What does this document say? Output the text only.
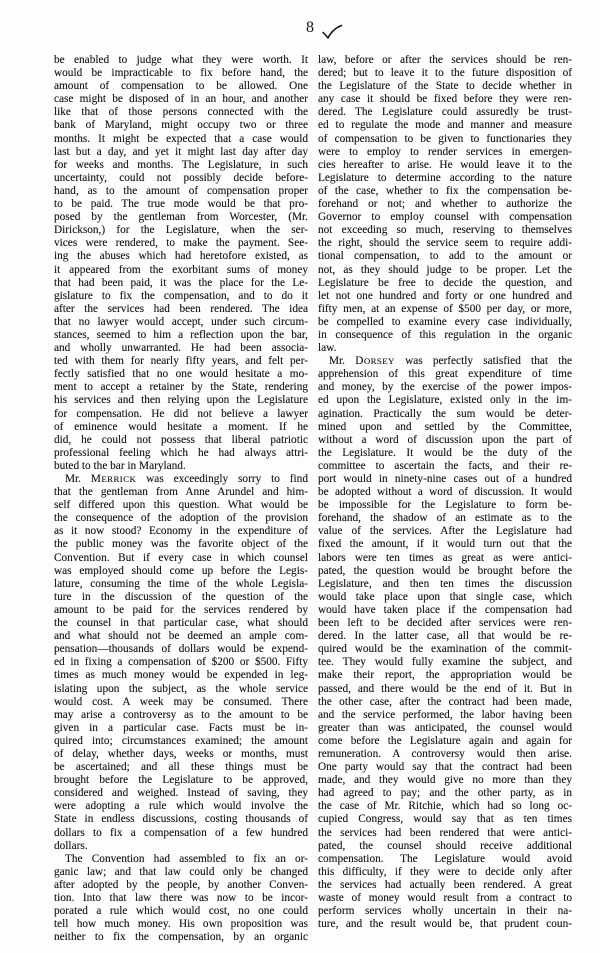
8
be enabled to judge what they were worth. It
would be impracticable to fix before hand, the
amount of compensation to be allowed. One
case might be disposed of in an hour, and another
like that of those persons connected with the
bank of Maryland, might occupy two or three
months. It might be expected that a case would
last but a day, and yet it might last day after day
for weeks and months. The Legislature, in such
uncertainty, could not possibly decide before-
hand, as to the amount of compensation proper
to be paid. The true mode would be that pro-
posed by the gentleman from Worcester, (Mr.
Dirickson,) for the Legislature, when the ser-
vices were rendered, to make the payment. See-
ing the abuses which had heretofore existed, as
it appeared from the exorbitant sums of money
that had been paid, it was the place for the Le-
gislature to fix the compensation, and to do it
after the services had been rendered. The idea
that no lawyer would accept, under such circum-
stances, seemed to him a reflection upon the bar,
and wholly unwarranted. He had been associa-
ted with them for nearly fifty years, and felt per-
fectly satisfied that no one would hesitate a mo-
ment to accept a retainer by the State, rendering
his services and then relying upon the Legislature
for compensation. He did not believe a lawyer
of eminence would hesitate a moment. If he
did, he could not possess that liberal patriotic
professional feeling which he had always attri-
buted to the bar in Maryland.
Mr. MERRICK was exceedingly sorry to find
that the gentleman from Anne Arundel and him-
self differed upon this question. What would be
the consequence of the adoption of the provision
as it now stood? Economy in the expenditure of
the public money was the favorite object of the
Convention. But if every case in which counsel
was employed should come up before the Legis-
lature, consuming the time of the whole Legisla-
ture in the discussion of the question of the
amount to be paid for the services rendered by
the counsel in that particular case, what should
and what should not be deemed an ample com-
pensation—thousands of dollars would be expend-
ed in fixing a compensation of $200 or $500. Fifty
times as much money would be expended in leg-
islating upon the subject, as the whole service
would cost. A week may be consumed. There
may arise a controversy as to the amount to be
given in a particular case. Facts must be in-
quired into; circumstances examined; the amount
of delay, whether days, weeks or months, must
be ascertained; and all these things must be
brought before the Legislature to be approved,
considered and weighed. Instead of saving, they
were adopting a rule which would involve the
State in endless discussions, costing thousands of
dollars to fix a compensation of a few hundred
dollars.
The Convention had assembled to fix an or-
ganic law; and that law could only be changed
after adopted by the people, by another Conven-
tion. Into that law there was now to be incor-
porated a rule which would cost, no one could
tell how much money. His own proposition was
neither to fix the compensation, by an organic
law, before or after the services should be ren-
dered; but to leave it to the future disposition of
the Legislature of the State to decide whether in
any case it should be fixed before they were ren-
dered. The Legislature could assuredly be trust-
ed to regulate the mode and manner and measure
of compensation to be given to functionaries they
were to employ to render services in emergen-
cies hereafter to arise. He would leave it to the
Legislature to determine according to the nature
of the case, whether to fix the compensation be-
forehand or not; and whether to authorize the
Governor to employ counsel with compensation
not exceeding so much, reserving to themselves
the right, should the service seem to require addi-
tional compensation, to add to the amount or
not, as they should judge to be proper. Let the
Legislature be free to decide the question, and
let not one hundred and forty or one hundred and
fifty men, at an expense of $500 per day, or more,
be compelled to examine every case individually,
in consequence of this regulation in the organic
law.
Mr. DORSEY was perfectly satisfied that the
apprehension of this great expenditure of time
and money, by the exercise of the power impos-
ed upon the Legislature, existed only in the im-
agination. Practically the sum would be deter-
mined upon and settled by the Committee,
without a word of discussion upon the part of
the Legislature. It would be the duty of the
committee to ascertain the facts, and their re-
port would in ninety-nine cases out of a hundred
be adopted without a word of discussion. It would
be impossible for the Legislature to form be-
forehand, the shadow of an estimate as to the
value of the services. After the Legislature had
fixed the amount, if it would turn out that the
labors were ten times as great as were antici-
pated, the question would be brought before the
Legislature, and then ten times the discussion
would take place upon that single case, which
would have taken place if the compensation had
been left to be decided after services were ren-
dered. In the latter case, all that would be re-
quired would be the examination of the commit-
tee. They would fully examine the subject, and
make their report, the appropriation would be
passed, and there would be the end of it. But in
the other case, after the contract had been made,
and the service performed, the labor having been
greater than was anticipated, the counsel would
come before the Legislature again and again for
remuneration. A controversy would then arise.
One party would say that the contract had been
made, and they would give no more than they
had agreed to pay; and the other party, as in
the case of Mr. Ritchie, which had so long oc-
cupied Congress, would say that as ten times
the services had been rendered that were antici-
pated, the counsel should receive additional
compensation. The Legislature would avoid
this difficulty, if they were to decide only after
the services had actually been rendered. A great
waste of money would result from a contract to
perform services wholly uncertain in their na-
ture, and the result would be, that prudent coun-
